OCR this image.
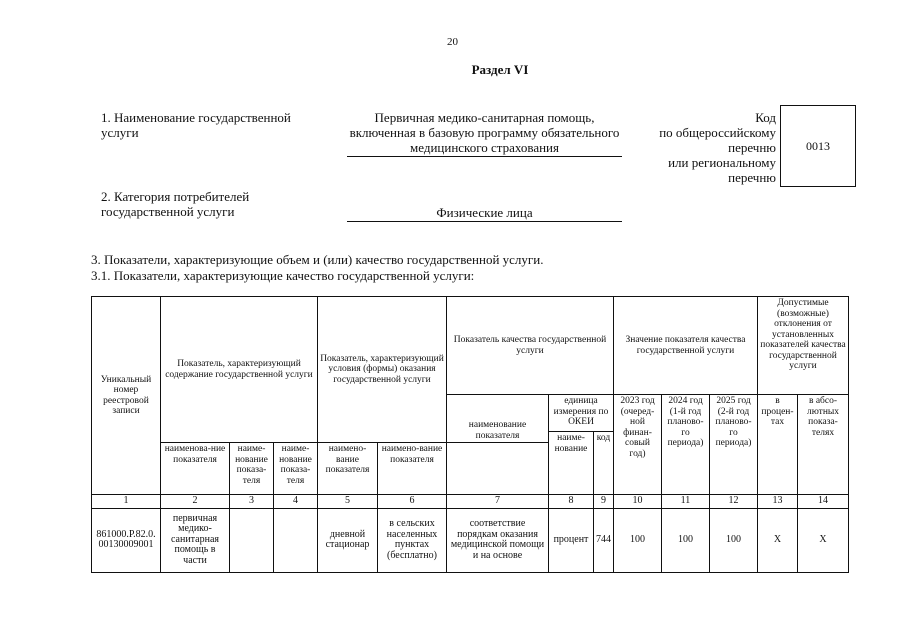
20
Раздел VI
1. Наименование государственной услуги
Первичная медико-санитарная помощь, включенная в базовую программу обязательного медицинского страхования
Код
по общероссийскому
перечню
или региональному
перечню
0013
2. Категория потребителей государственной услуги	Физические лица
3. Показатели, характеризующие объем и (или) качество государственной услуги.
3.1. Показатели, характеризующие качество государственной услуги:
Уникальный номер реестровой записи	Показатель, характеризующий содержание государственной услуги			Показатель, характеризующий условия (формы) оказания государственной услуги		Показатель качества государственной услуги			Значение показателя качества государственной услуги			Допустимые (возможные) отклонения от установленных показателей качества государственной услуги	
						наименование показателя	единица измерения по ОКЕИ		2023 год (очеред-ной финан-совый год)	2024 год (1-й год планово-го периода)	2025 год (2-й год планово-го периода)	в процен-тах	в абсо-лютных показа-телях
							наиме-нование	код					
	наименова-ние показателя	наиме-нование показа-теля	наиме-нование показа-теля	наимено-вание показателя	наимено-вание показателя								
1	2	3	4	5	6	7	8	9	10	11	12	13	14
861000.Р.82.0.00130009001	первичная медико-санитарная помощь в части			дневной стационар	в сельских населенных пунктах (бесплатно)	соответствие порядкам оказания медицинской помощи и на основе	процент	744	100	100	100	Х	Х
